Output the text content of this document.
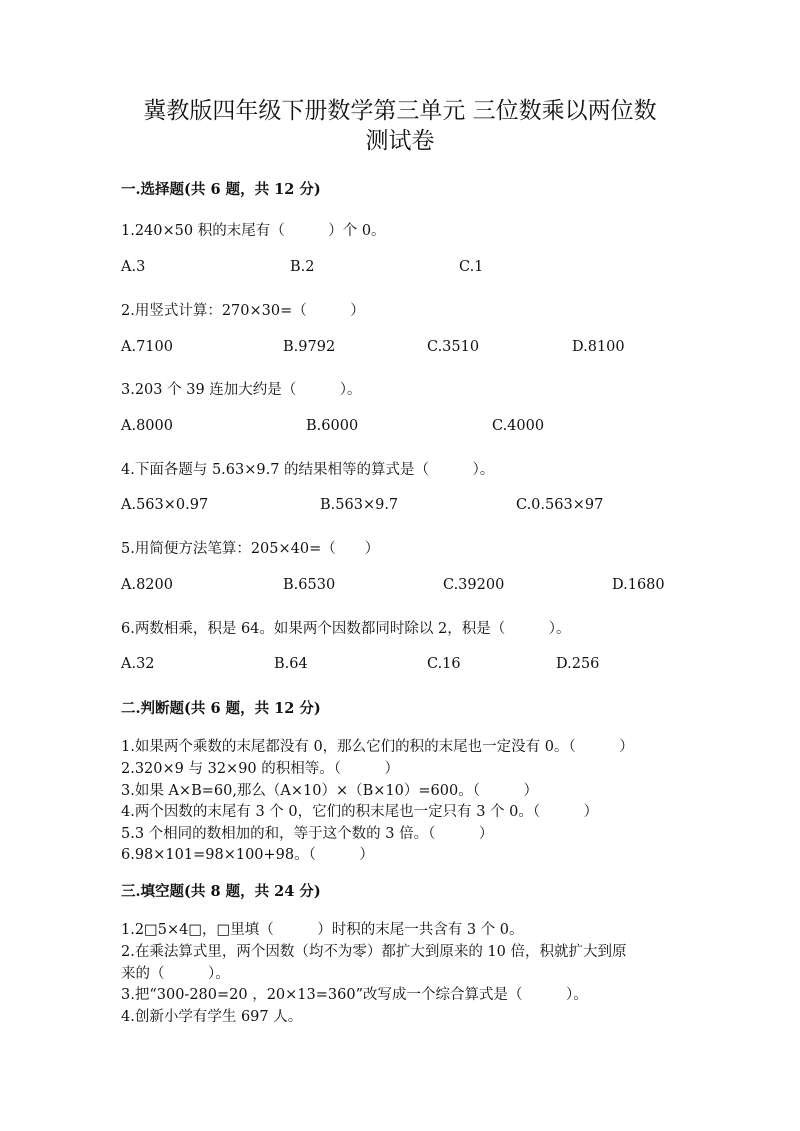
冀教版四年级下册数学第三单元 三位数乘以两位数
测试卷
一.选择题(共 6 题，共 12 分)
1.240×50 积的末尾有（　　　）个 0。
A.3	B.2	C.1
2.用竖式计算：270×30=（　　　）
A.7100	B.9792	C.3510	D.8100
3.203 个 39 连加大约是（　　　）。
A.8000	B.6000	C.4000
4.下面各题与 5.63×9.7 的结果相等的算式是（　　　）。
A.563×0.97	B.563×9.7	C.0.563×97
5.用简便方法笔算：205×40=（　　）
A.8200	B.6530	C.39200	D.1680
6.两数相乘，积是 64。如果两个因数都同时除以 2，积是（　　　）。
A.32	B.64	C.16	D.256
二.判断题(共 6 题，共 12 分)
1.如果两个乘数的末尾都没有 0，那么它们的积的末尾也一定没有 0。（　　　）
2.320×9 与 32×90 的积相等。（　　　）
3.如果 A×B=60,那么（A×10）×（B×10）=600。（　　　）
4.两个因数的末尾有 3 个 0，它们的积末尾也一定只有 3 个 0。（　　　）
5.3 个相同的数相加的和，等于这个数的 3 倍。（　　　）
6.98×101=98×100+98。（　　　）
三.填空题(共 8 题，共 24 分)
1.2□5×4□，□里填（　　　）时积的末尾一共含有 3 个 0。
2.在乘法算式里，两个因数（均不为零）都扩大到原来的 10 倍，积就扩大到原
来的（　　　）。
3.把“300-280=20 ，20×13=360”改写成一个综合算式是（　　　）。
4.创新小学有学生 697 人。
